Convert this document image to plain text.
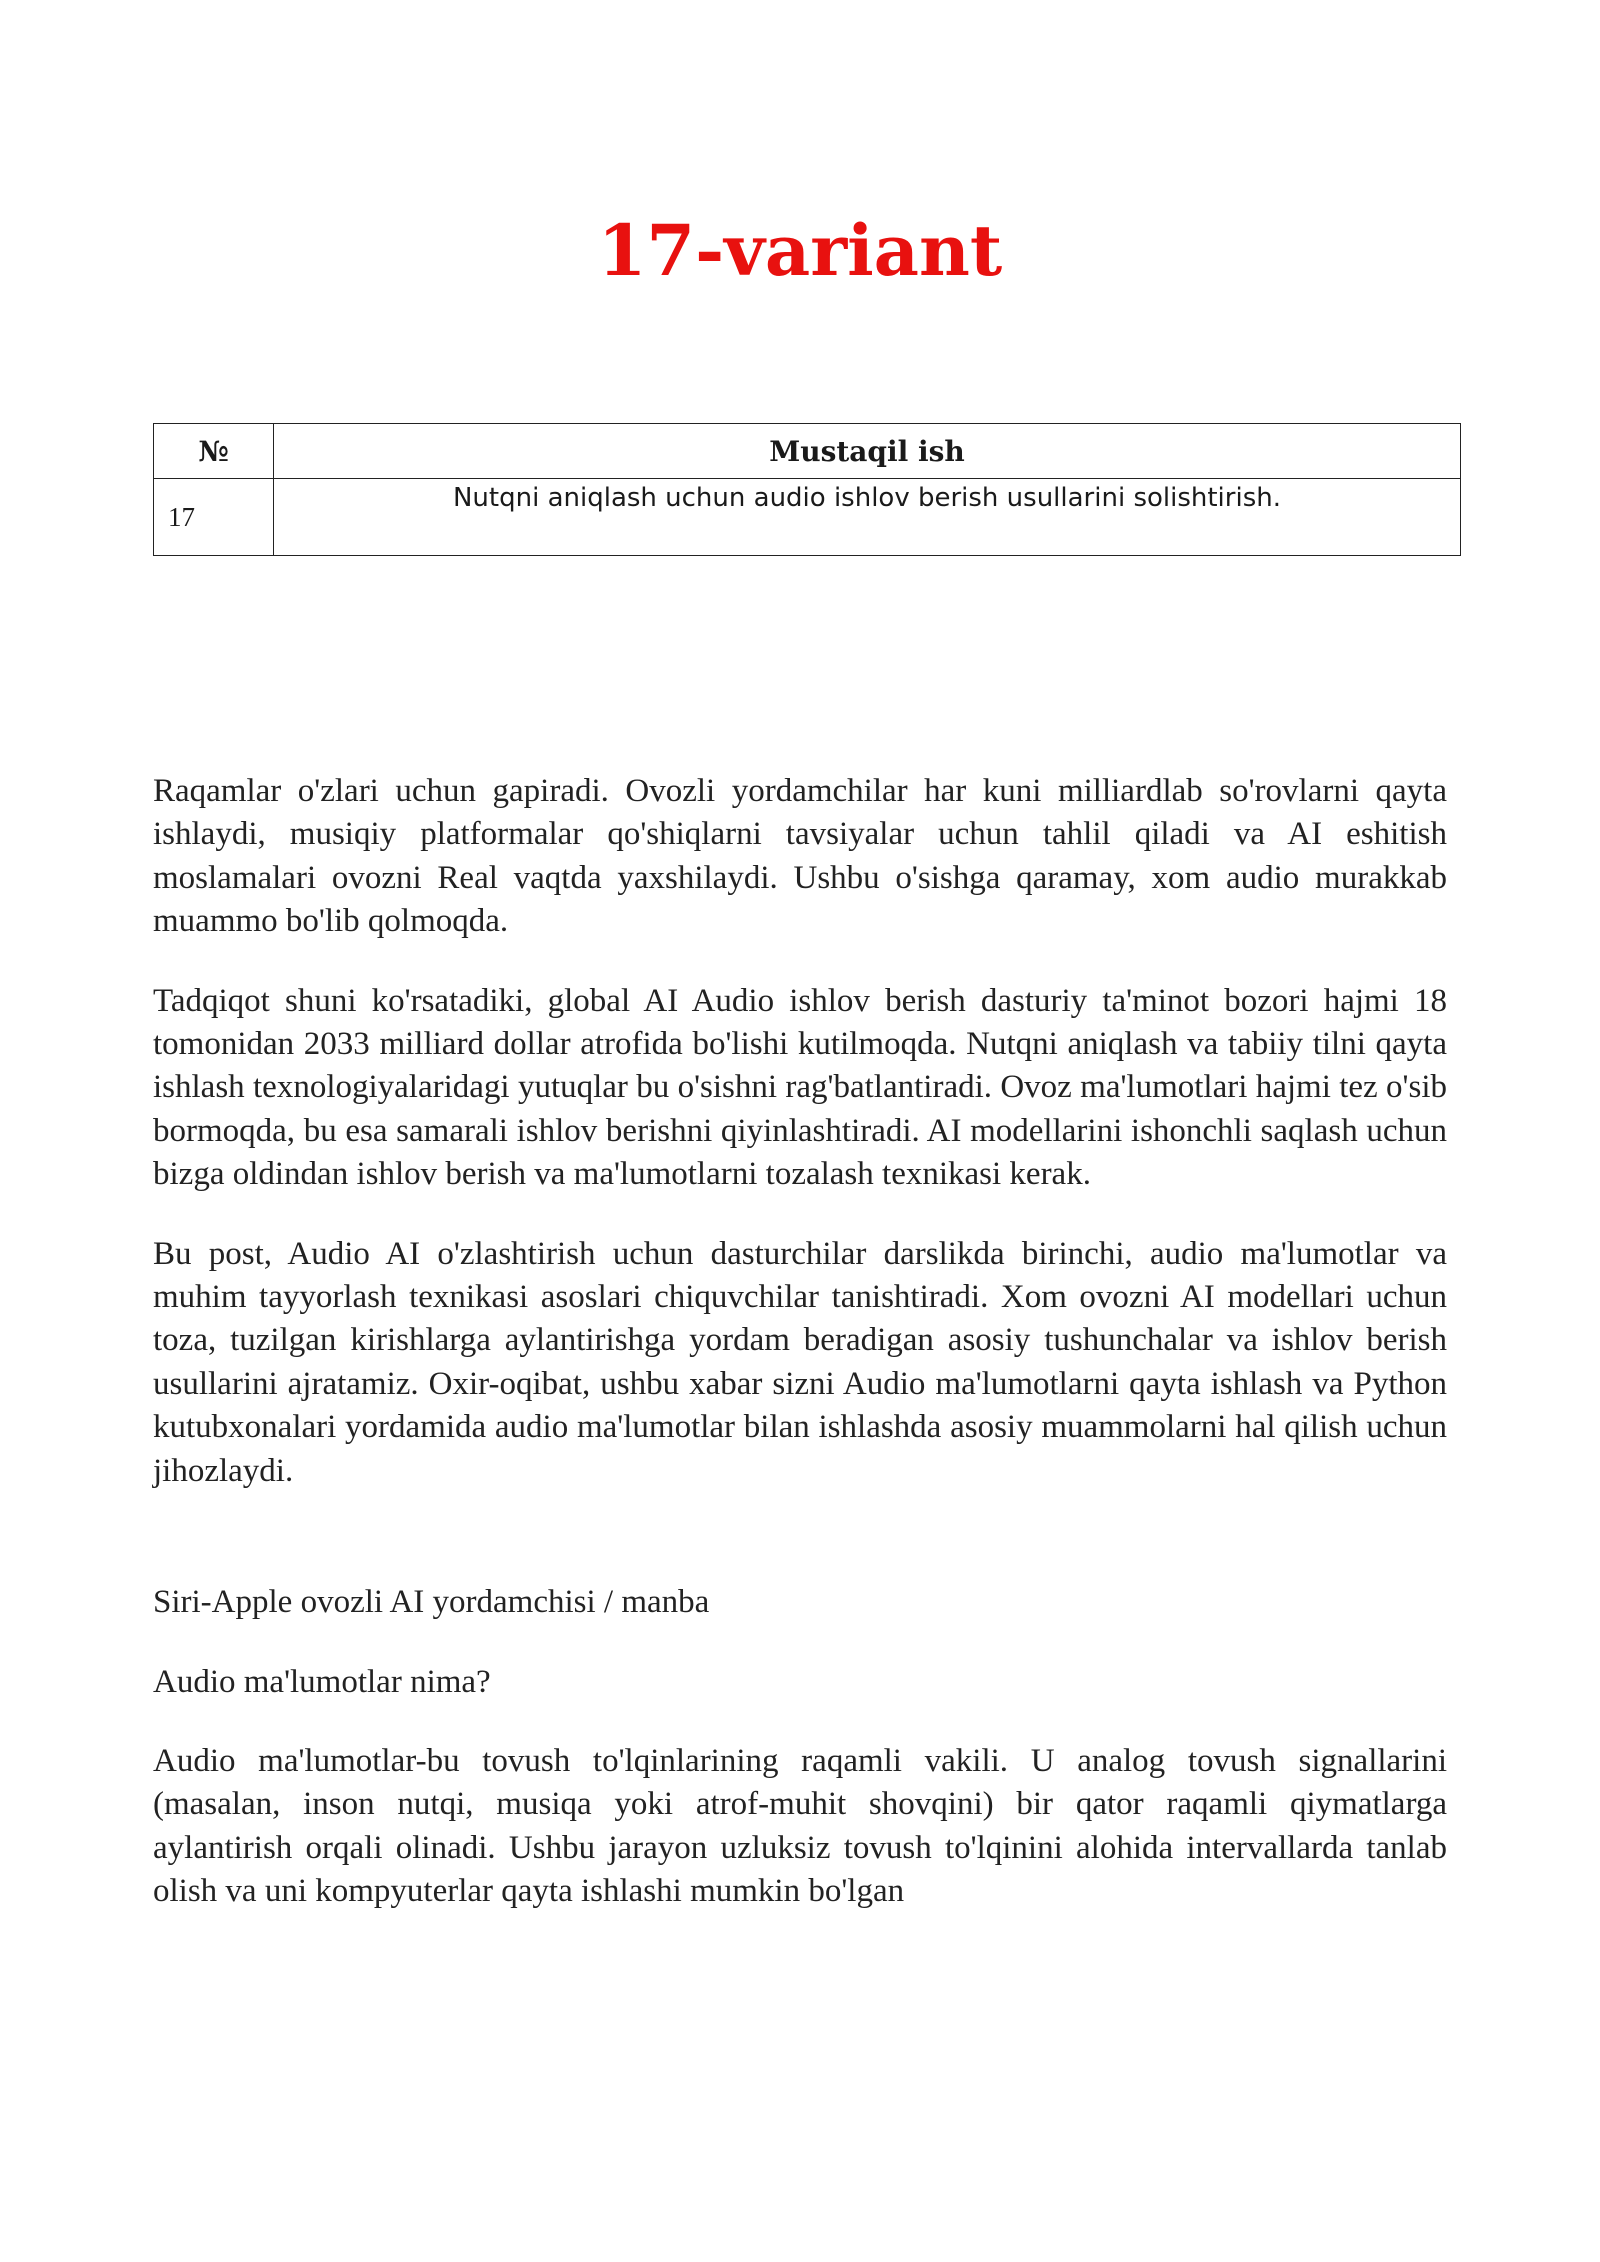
17-variant
№	Mustaqil ish
17	Nutqni aniqlash uchun audio ishlov berish usullarini solishtirish.

Raqamlar o'zlari uchun gapiradi. Ovozli yordamchilar har kuni milliardlab so'rovlarni qayta ishlaydi, musiqiy platformalar qo'shiqlarni tavsiyalar uchun tahlil qiladi va AI eshitish moslamalari ovozni Real vaqtda yaxshilaydi. Ushbu o'sishga qaramay, xom audio murakkab muammo bo'lib qolmoqda.

Tadqiqot shuni ko'rsatadiki, global AI Audio ishlov berish dasturiy ta'minot bozori hajmi 18 tomonidan 2033 milliard dollar atrofida bo'lishi kutilmoqda. Nutqni aniqlash va tabiiy tilni qayta ishlash texnologiyalaridagi yutuqlar bu o'sishni rag'batlantiradi. Ovoz ma'lumotlari hajmi tez o'sib bormoqda, bu esa samarali ishlov berishni qiyinlashtiradi. AI modellarini ishonchli saqlash uchun bizga oldindan ishlov berish va ma'lumotlarni tozalash texnikasi kerak.

Bu post, Audio AI o'zlashtirish uchun dasturchilar darslikda birinchi, audio ma'lumotlar va muhim tayyorlash texnikasi asoslari chiquvchilar tanishtiradi. Xom ovozni AI modellari uchun toza, tuzilgan kirishlarga aylantirishga yordam beradigan asosiy tushunchalar va ishlov berish usullarini ajratamiz. Oxir-oqibat, ushbu xabar sizni Audio ma'lumotlarni qayta ishlash va Python kutubxonalari yordamida audio ma'lumotlar bilan ishlashda asosiy muammolarni hal qilish uchun jihozlaydi.

Siri-Apple ovozli AI yordamchisi / manba

Audio ma'lumotlar nima?

Audio ma'lumotlar-bu tovush to'lqinlarining raqamli vakili. U analog tovush signallarini (masalan, inson nutqi, musiqa yoki atrof-muhit shovqini) bir qator raqamli qiymatlarga aylantirish orqali olinadi. Ushbu jarayon uzluksiz tovush to'lqinini alohida intervallarda tanlab olish va uni kompyuterlar qayta ishlashi mumkin bo'lgan
